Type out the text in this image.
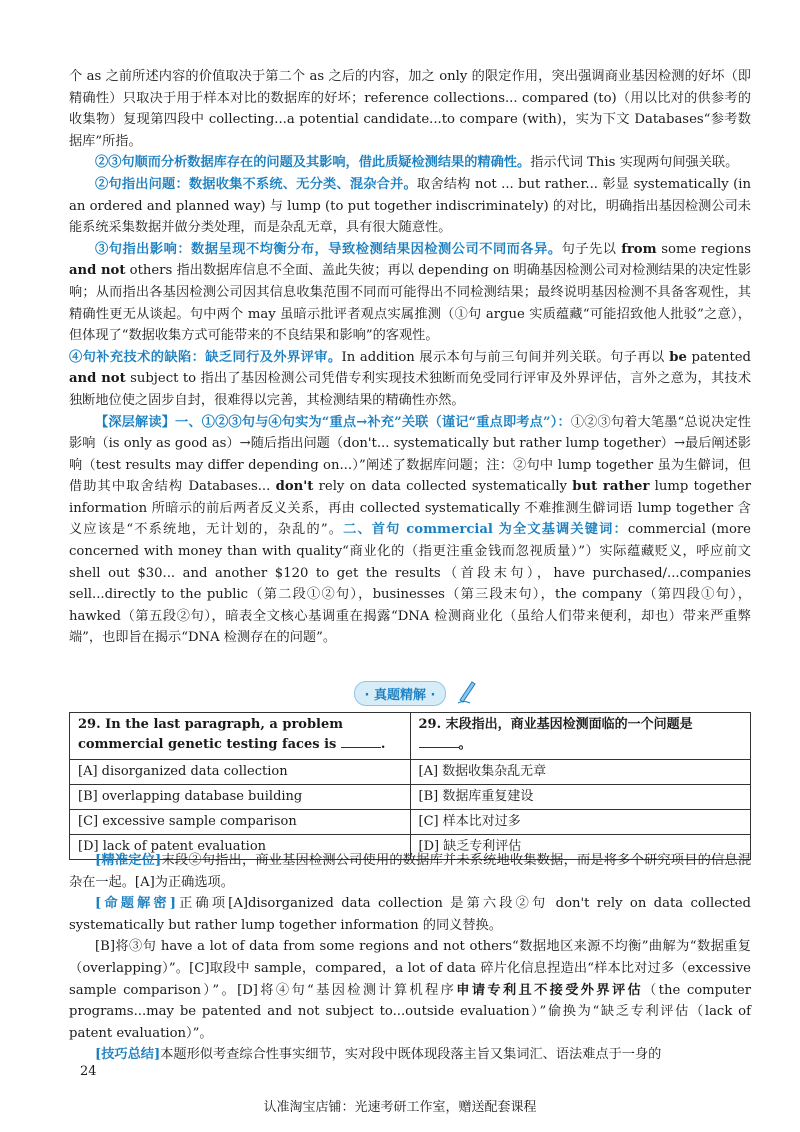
个 as 之前所述内容的价值取决于第二个 as 之后的内容，加之 only 的限定作用，突出强调商业基因检测的好坏（即精确性）只取决于用于样本对比的数据库的好坏；reference collections... compared (to)（用以比对的供参考的收集物）复现第四段中 collecting...a potential candidate...to compare (with)，实为下文 Databases“参考数据库”所指。

②③句顺而分析数据库存在的问题及其影响，借此质疑检测结果的精确性。指示代词 This 实现两句间强关联。

②句指出问题：数据收集不系统、无分类、混杂合并。取舍结构 not ... but rather... 彰显 systematically (in an ordered and planned way) 与 lump (to put together indiscriminately) 的对比，明确指出基因检测公司未能系统采集数据并做分类处理，而是杂乱无章，具有很大随意性。

③句指出影响：数据呈现不均衡分布，导致检测结果因检测公司不同而各异。句子先以 from some regions and not others 指出数据库信息不全面、盖此失彼；再以 depending on 明确基因检测公司对检测结果的决定性影响；从而指出各基因检测公司因其信息收集范围不同而可能得出不同检测结果；最终说明基因检测不具备客观性，其精确性更无从谈起。句中两个 may 虽暗示批评者观点实属推测（①句 argue 实质蕴藏“可能招致他人批驳”之意），但体现了“数据收集方式可能带来的不良结果和影响”的客观性。

④句补充技术的缺陷：缺乏同行及外界评审。In addition 展示本句与前三句间并列关联。句子再以 be patented and not subject to 指出了基因检测公司凭借专利实现技术独断而免受同行评审及外界评估，言外之意为，其技术独断地位使之固步自封，很难得以完善，其检测结果的精确性亦然。

【深层解读】一、①②③句与④句实为“重点→补充”关联（谨记“重点即考点”）：①②③句着大笔墨“总说决定性影响（is only as good as）→随后指出问题（don't... systematically but rather lump together）→最后阐述影响（test results may differ depending on...）”阐述了数据库问题；注：②句中 lump together 虽为生僻词，但借助其中取舍结构 Databases... don't rely on data collected systematically but rather lump together information 所暗示的前后两者反义关系，再由 collected systematically 不难推测生僻词语 lump together 含义应该是“不系统地，无计划的，杂乱的”。二、首句 commercial 为全文基调关键词：commercial (more concerned with money than with quality“商业化的（指更注重金钱而忽视质量）”）实际蕴藏贬义，呼应前文 shell out $30... and another $120 to get the results（首段末句），have purchased/...companies sell...directly to the public（第二段①②句），businesses（第三段末句），the company（第四段①句），hawked（第五段②句），暗表全文核心基调重在揭露“DNA 检测商业化（虽给人们带来便利，却也）带来严重弊端”，也即旨在揭示“DNA 检测存在的问题”。

· 真题精解 ·
29. In the last paragraph, a problem commercial genetic testing faces is .	29. 末段指出，商业基因检测面临的一个问题是
。
[A] disorganized data collection	[A] 数据收集杂乱无章
[B] overlapping database building	[B] 数据库重复建设
[C] excessive sample comparison	[C] 样本比对过多
[D] lack of patent evaluation	[D] 缺乏专利评估

[精准定位]末段②句指出，商业基因检测公司使用的数据库并未系统地收集数据，而是将多个研究项目的信息混杂在一起。[A]为正确选项。

[命题解密]正确项[A]disorganized data collection 是第六段②句 don't rely on data collected systematically but rather lump together information 的同义替换。

[B]将③句 have a lot of data from some regions and not others“数据地区来源不均衡”曲解为“数据重复（overlapping）”。[C]取段中 sample，compared，a lot of data 碎片化信息捏造出“样本比对过多（excessive sample comparison）”。[D]将④句“基因检测计算机程序申请专利且不接受外界评估（the computer programs...may be patented and not subject to...outside evaluation）”偷换为“缺乏专利评估（lack of patent evaluation）”。

[技巧总结]本题形似考查综合性事实细节，实对段中既体现段落主旨又集词汇、语法难点于一身的

24
认准淘宝店铺：光速考研工作室，赠送配套课程
